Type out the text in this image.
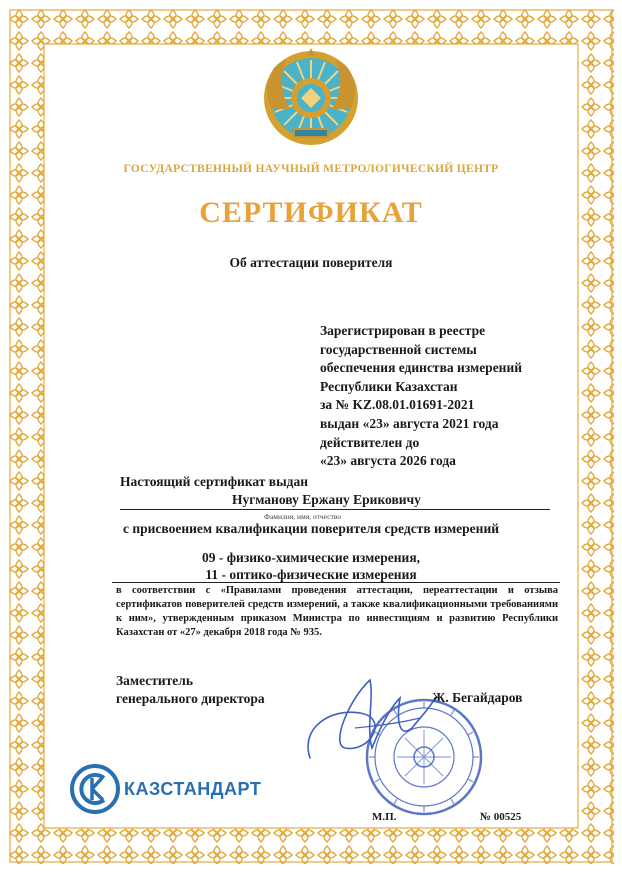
ГОСУДАРСТВЕННЫЙ НАУЧНЫЙ МЕТРОЛОГИЧЕСКИЙ ЦЕНТР
СЕРТИФИКАТ
Об аттестации поверителя
Зарегистрирован в реестре
государственной системы
обеспечения единства измерений
Республики Казахстан
за № KZ.08.01.01691-2021
выдан «23» августа 2021 года
действителен до
«23» августа 2026 года
Настоящий сертификат выдан
Нугманову Ержану Ериковичу
Фамилия, имя, отчество
с присвоением квалификации поверителя средств измерений
09 - физико-химические измерения,
11 - оптико-физические измерения
в соответствии с «Правилами проведения аттестации, переаттестации и отзыва сертификатов поверителей средств измерений, а также квалификационными требованиями к ним», утвержденным приказом Министра по инвестициям и развитию Республики Казахстан от «27» декабря 2018 года № 935.
Заместитель
генерального директора	Ж. Бегайдаров
КАЗСТАНДАРТ
М.П.	№ 00525
